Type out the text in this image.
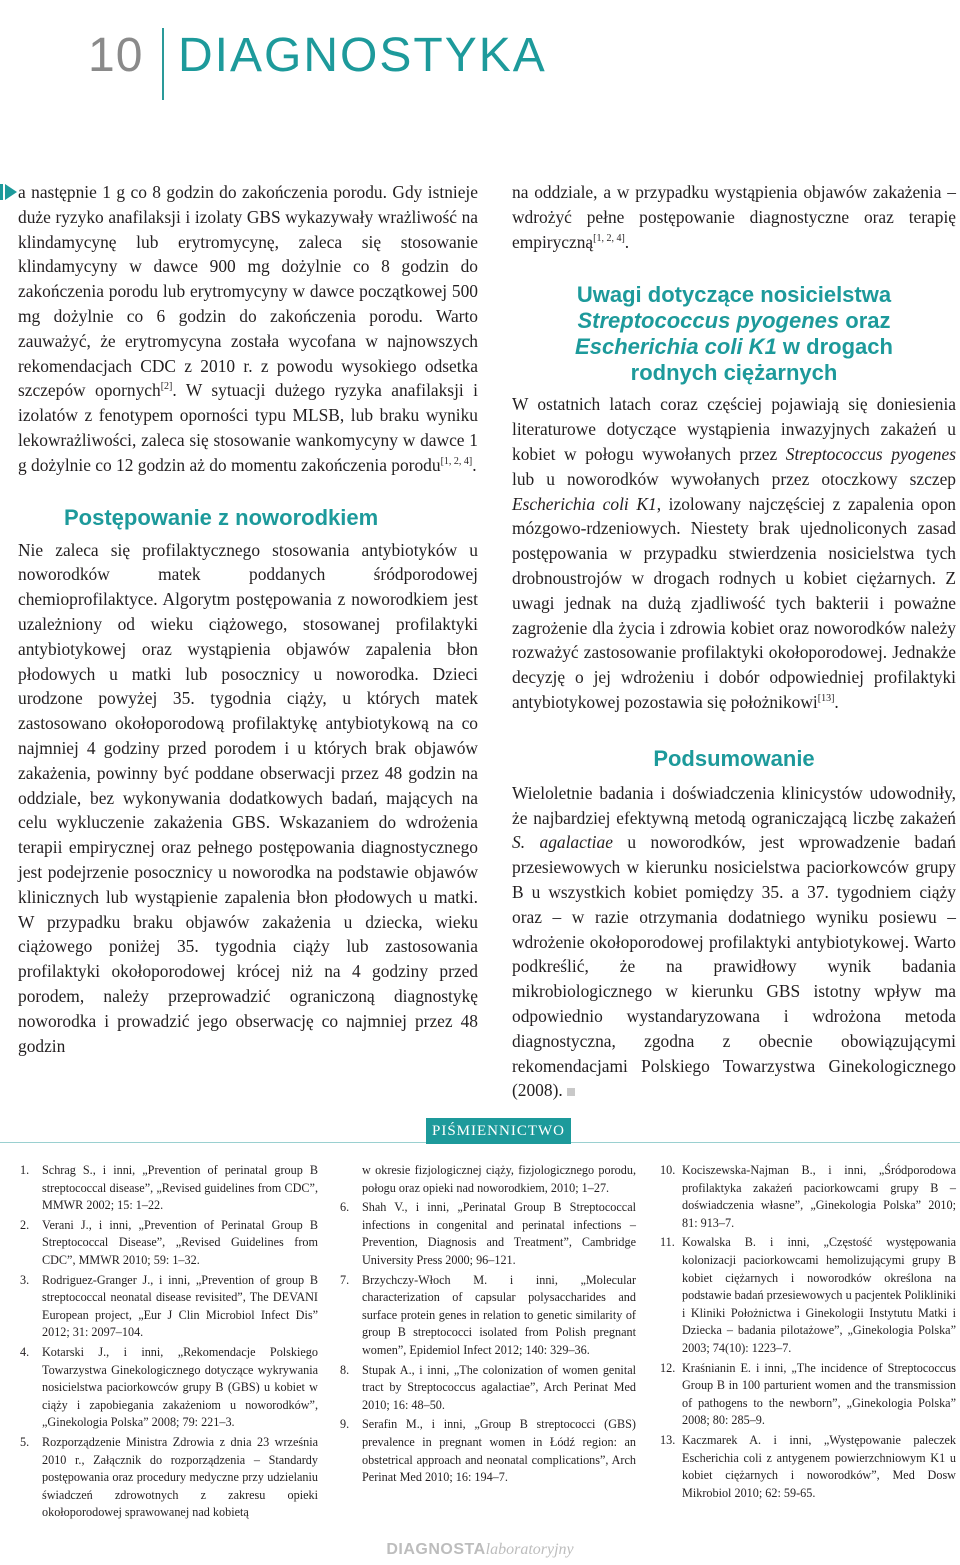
10 DIAGNOSTYKA

a następnie 1 g co 8 godzin do zakończenia porodu. Gdy istnieje duże ryzyko anafilaksji i izolaty GBS wykazywały wrażliwość na klindamycynę lub erytromycynę, zaleca się stosowanie klindamycyny w dawce 900 mg dożylnie co 8 godzin do zakończenia porodu lub erytromycyny w dawce początkowej 500 mg dożylnie co 6 godzin do zakończenia porodu. Warto zauważyć, że erytromycyna została wycofana w najnowszych rekomendacjach CDC z 2010 r. z powodu wysokiego odsetka szczepów opornych[2]. W sytuacji dużego ryzyka anafilaksji i izolatów z fenotypem oporności typu MLSB, lub braku wyniku lekowrażliwości, zaleca się stosowanie wankomycyny w dawce 1 g dożylnie co 12 godzin aż do momentu zakończenia porodu[1, 2, 4].

Postępowanie z noworodkiem

Nie zaleca się profilaktycznego stosowania antybiotyków u noworodków matek poddanych śródporodowej chemioprofilaktyce. Algorytm postępowania z noworodkiem jest uzależniony od wieku ciążowego, stosowanej profilaktyki antybiotykowej oraz wystąpienia objawów zapalenia błon płodowych u matki lub posocznicy u noworodka. Dzieci urodzone powyżej 35. tygodnia ciąży, u których matek zastosowano okołoporodową profilaktykę antybiotykową na co najmniej 4 godziny przed porodem i u których brak objawów zakażenia, powinny być poddane obserwacji przez 48 godzin na oddziale, bez wykonywania dodatkowych badań, mających na celu wykluczenie zakażenia GBS. Wskazaniem do wdrożenia terapii empirycznej oraz pełnego postępowania diagnostycznego jest podejrzenie posocznicy u noworodka na podstawie objawów klinicznych lub wystąpienie zapalenia błon płodowych u matki. W przypadku braku objawów zakażenia u dziecka, wieku ciążowego poniżej 35. tygodnia ciąży lub zastosowania profilaktyki okołoporodowej krócej niż na 4 godziny przed porodem, należy przeprowadzić ograniczoną diagnostykę noworodka i prowadzić jego obserwację co najmniej przez 48 godzin

na oddziale, a w przypadku wystąpienia objawów zakażenia – wdrożyć pełne postępowanie diagnostyczne oraz terapię empiryczną[1, 2, 4].

Uwagi dotyczące nosicielstwa
Streptococcus pyogenes oraz
Escherichia coli K1 w drogach
rodnych ciężarnych

W ostatnich latach coraz częściej pojawiają się doniesienia literaturowe dotyczące wystąpienia inwazyjnych zakażeń u kobiet w połogu wywołanych przez Streptococcus pyogenes lub u noworodków wywołanych przez otoczkowy szczep Escherichia coli K1, izolowany najczęściej z zapalenia opon mózgowo-rdzeniowych. Niestety brak ujednoliconych zasad postępowania w przypadku stwierdzenia nosicielstwa tych drobnoustrojów w drogach rodnych u kobiet ciężarnych. Z uwagi jednak na dużą zjadliwość tych bakterii i poważne zagrożenie dla życia i zdrowia kobiet oraz noworodków należy rozważyć zastosowanie profilaktyki okołoporodowej. Jednakże decyzję o jej wdrożeniu i dobór odpowiedniej profilaktyki antybiotykowej pozostawia się położnikowi[13].

Podsumowanie

Wieloletnie badania i doświadczenia klinicystów udowodniły, że najbardziej efektywną metodą ograniczającą liczbę zakażeń S. agalactiae u noworodków, jest wprowadzenie badań przesiewowych w kierunku nosicielstwa paciorkowców grupy B u wszystkich kobiet pomiędzy 35. a 37. tygodniem ciąży oraz – w razie otrzymania dodatniego wyniku posiewu – wdrożenie okołoporodowej profilaktyki antybiotykowej. Warto podkreślić, że na prawidłowy wynik badania mikrobiologicznego w kierunku GBS istotny wpływ ma odpowiednio wystandaryzowana i wdrożona metoda diagnostyczna, zgodna z obecnie obowiązującymi rekomendacjami Polskiego Towarzystwa Ginekologicznego (2008).

PIŚMIENNICTWO
1. Schrag S., i inni, „Prevention of perinatal group B streptococcal disease”, „Revised guidelines from CDC”, MMWR 2002; 15: 1–22.
2. Verani J., i inni, „Prevention of Perinatal Group B Streptococcal Disease”, „Revised Guidelines from CDC”, MMWR 2010; 59: 1–32.
3. Rodriguez-Granger J., i inni, „Prevention of group B streptococcal neonatal disease revisited”, The DEVANI European project, „Eur J Clin Microbiol Infect Dis” 2012; 31: 2097–104.
4. Kotarski J., i inni, „Rekomendacje Polskiego Towarzystwa Ginekologicznego dotyczące wykrywania nosicielstwa paciorkowców grupy B (GBS) u kobiet w ciąży i zapobiegania zakażeniom u noworodków”, „Ginekologia Polska” 2008; 79: 221–3.
5. Rozporządzenie Ministra Zdrowia z dnia 23 września 2010 r., Załącznik do rozporządzenia – Standardy postępowania oraz procedury medyczne przy udzielaniu świadczeń zdrowotnych z zakresu opieki okołoporodowej sprawowanej nad kobietą
w okresie fizjologicznej ciąży, fizjologicznego porodu, połogu oraz opieki nad noworodkiem, 2010; 1–27.
6. Shah V., i inni, „Perinatal Group B Streptococcal infections in congenital and perinatal infections – Prevention, Diagnosis and Treatment”, Cambridge University Press 2000; 96–121.
7. Brzychczy-Włoch M. i inni, „Molecular characterization of capsular polysaccharides and surface protein genes in relation to genetic similarity of group B streptococci isolated from Polish pregnant women”, Epidemiol Infect 2012; 140: 329–36.
8. Stupak A., i inni, „The colonization of women genital tract by Streptococcus agalactiae”, Arch Perinat Med 2010; 16: 48–50.
9. Serafin M., i inni, „Group B streptococci (GBS) prevalence in pregnant women in Łódź region: an obstetrical approach and neonatal complications”, Arch Perinat Med 2010; 16: 194–7.
10. Kociszewska-Najman B., i inni, „Śródporodowa profilaktyka zakażeń paciorkowcami grupy B – doświadczenia własne”, „Ginekologia Polska” 2010; 81: 913–7.
11. Kowalska B. i inni, „Częstość występowania kolonizacji paciorkowcami hemolizującymi grupy B kobiet ciężarnych i noworodków określona na podstawie badań przesiewowych u pacjentek Polikliniki i Kliniki Położnictwa i Ginekologii Instytutu Matki i Dziecka – badania pilotażowe”, „Ginekologia Polska” 2003; 74(10): 1223–7.
12. Kraśnianin E. i inni, „The incidence of Streptococcus Group B in 100 parturient women and the transmission of pathogens to the newborn”, „Ginekologia Polska” 2008; 80: 285–9.
13. Kaczmarek A. i inni, „Występowanie paleczek Escherichia coli z antygenem powierzchniowym K1 u kobiet ciężarnych i noworodków”, Med Dosw Mikrobiol 2010; 62: 59-65.
DIAGNOSTAlaboratoryjny
